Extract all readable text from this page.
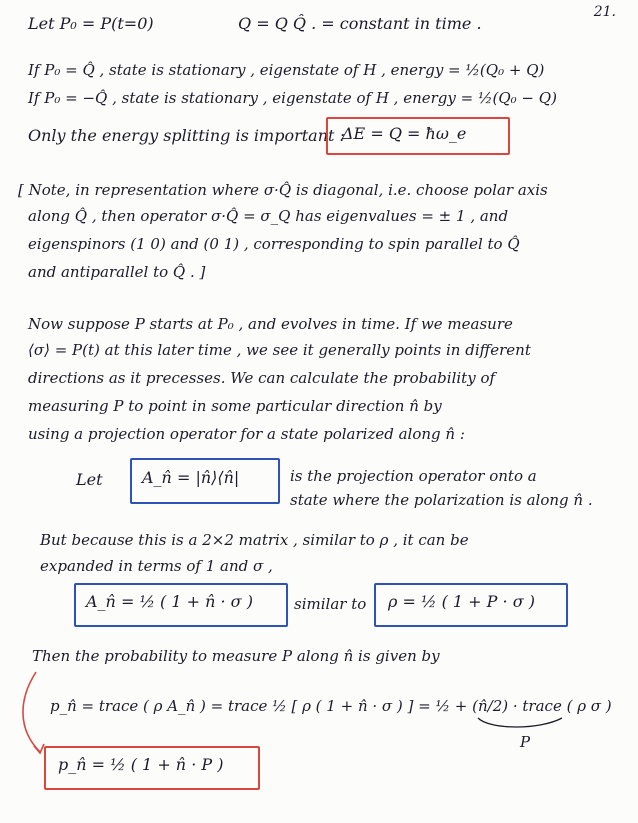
21.
Let P₀ = P(t=0)	Q = Q Q̂ . = constant in time .
If P₀ = Q̂ , state is stationary , eigenstate of H , energy = ½(Q₀ + Q)
If P₀ = −Q̂ , state is stationary , eigenstate of H , energy = ½(Q₀ − Q)
Only the energy splitting is important :
ΔE = Q = ħω_e
[ Note, in representation where σ·Q̂ is diagonal, i.e. choose polar axis
along Q̂ , then operator σ·Q̂ = σ_Q has eigenvalues = ± 1 , and
eigenspinors (1 0) and (0 1) , corresponding to spin parallel to Q̂
and antiparallel to Q̂ . ]
Now suppose P starts at P₀ , and evolves in time. If we measure
⟨σ⟩ = P(t) at this later time , we see it generally points in different
directions as it precesses. We can calculate the probability of
measuring P to point in some particular direction n̂ by
using a projection operator for a state polarized along n̂ :
Let A_n̂ = |n̂⟩⟨n̂|	is the projection operator onto a
state where the polarization is along n̂ .
But because this is a 2×2 matrix , similar to ρ , it can be
expanded in terms of 1 and σ ,
A_n̂ = ½ ( 1 + n̂ · σ )	similar to ρ = ½ ( 1 + P · σ )
Then the probability to measure P along n̂ is given by
p_n̂ = trace ( ρ A_n̂ ) = trace ½ [ ρ ( 1 + n̂ · σ ) ] = ½ + (n̂/2) · trace ( ρ σ )
P
p_n̂ = ½ ( 1 + n̂ · P )
